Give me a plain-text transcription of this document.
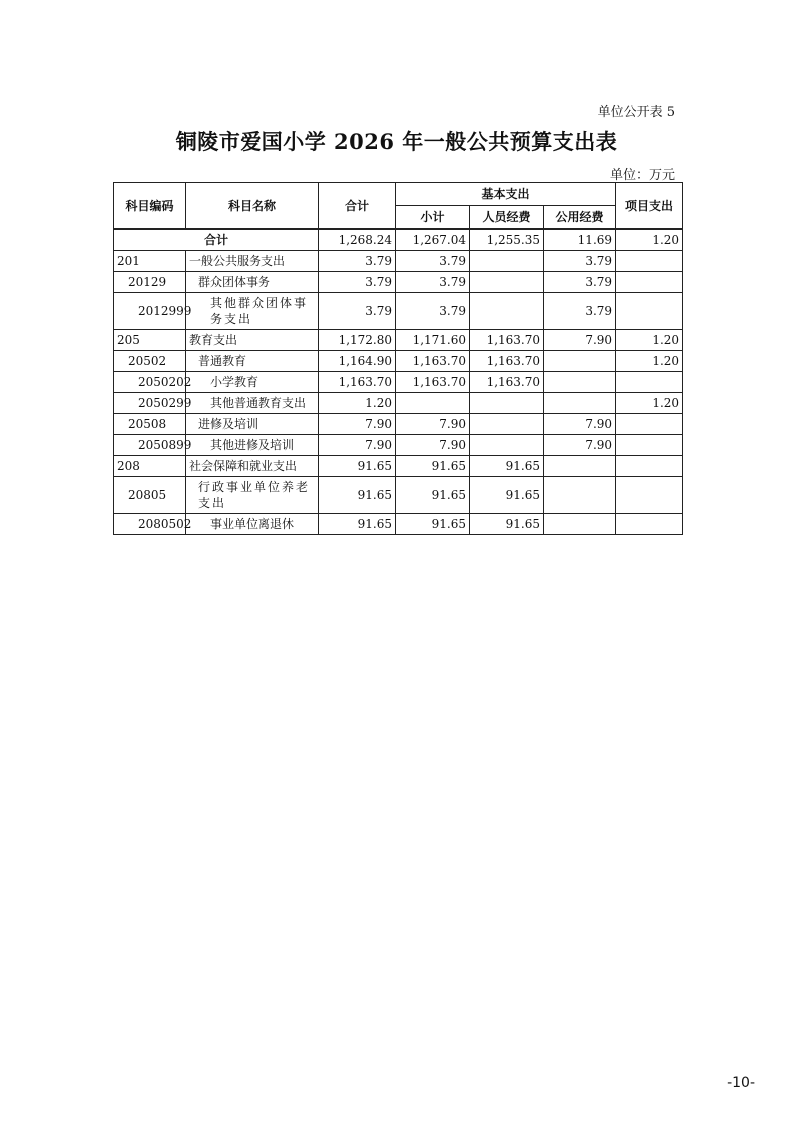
单位公开表 5
铜陵市爱国小学 2026 年一般公共预算支出表
单位：万元
科目编码	科目名称	合计	基本支出			项目支出
			小计	人员经费	公用经费	
合计		1,268.24	1,267.04	1,255.35	11.69	1.20
201	一般公共服务支出	3.79	3.79		3.79	
20129	群众团体事务	3.79	3.79		3.79	
2012999	其他群众团体事务支出	3.79	3.79		3.79	
205	教育支出	1,172.80	1,171.60	1,163.70	7.90	1.20
20502	普通教育	1,164.90	1,163.70	1,163.70		1.20
2050202	小学教育	1,163.70	1,163.70	1,163.70		
2050299	其他普通教育支出	1.20				1.20
20508	进修及培训	7.90	7.90		7.90	
2050899	其他进修及培训	7.90	7.90		7.90	
208	社会保障和就业支出	91.65	91.65	91.65		
20805	行政事业单位养老支出	91.65	91.65	91.65		
2080502	事业单位离退休	91.65	91.65	91.65		
-10-
